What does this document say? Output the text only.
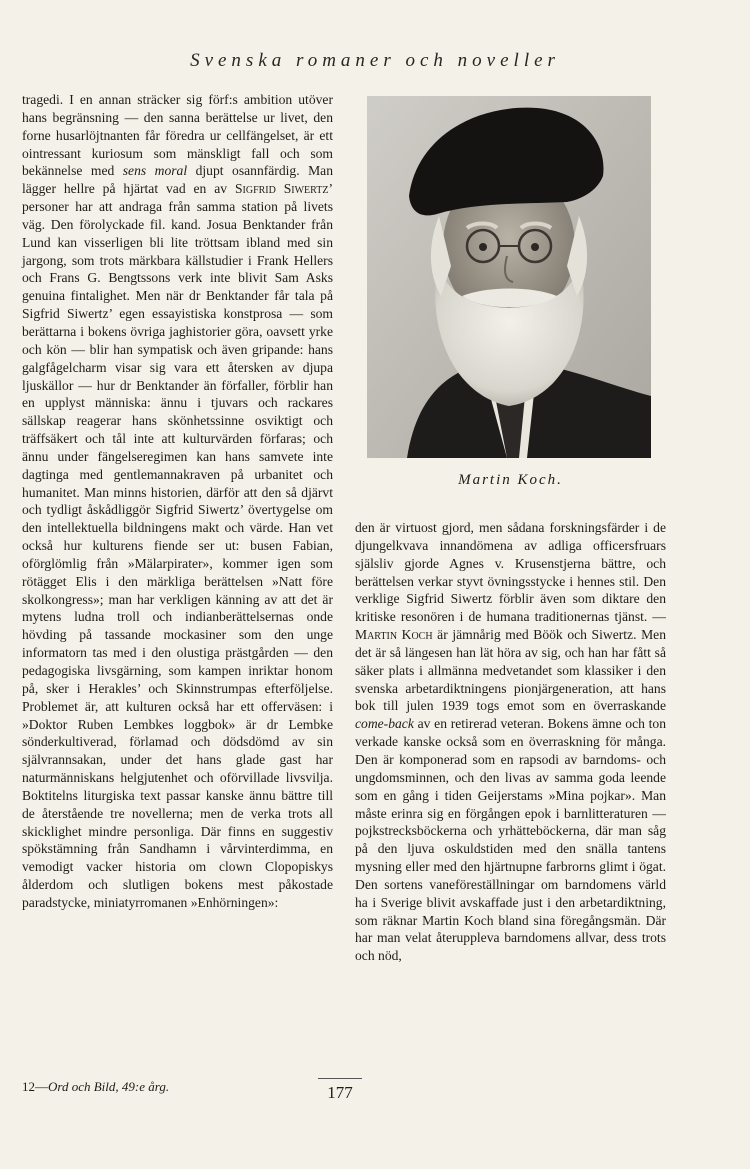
Svenska romaner och noveller

tragedi. I en annan sträcker sig förf:s ambition utöver hans begränsning — den sanna berättelse ur livet, den forne husarlöjtnanten får föredra ur cellfängelset, är ett ointressant kuriosum som mänskligt fall och som bekännelse med sens moral djupt osannfärdig. Man lägger hellre på hjärtat vad en av Sigfrid Siwertz’ personer har att andraga från samma station på livets väg. Den förolyckade fil. kand. Josua Benktander från Lund kan visserligen bli lite tröttsam ibland med sin jargong, som trots märkbara källstudier i Frank Hellers och Frans G. Bengtssons verk inte blivit Sam Asks genuina fintalighet. Men när dr Benktander får tala på Sigfrid Siwertz’ egen essayistiska konstprosa — som berättarna i bokens övriga jaghistorier göra, oavsett yrke och kön — blir han sympatisk och även gripande: hans galgfågelcharm visar sig vara ett återsken av djupa ljuskällor — hur dr Benktander än förfaller, förblir han en upplyst människa: ännu i tjuvars och rackares sällskap reagerar hans skönhetssinne osviktigt och träffsäkert och tål inte att kulturvärden förfaras; och ännu under fängelseregimen kan hans samvete inte dagtinga med gentlemannakraven på urbanitet och humanitet. Man minns historien, därför att den så djärvt och tydligt åskådliggör Sigfrid Siwertz’ övertygelse om den intellektuella bildningens makt och värde. Han vet också hur kulturens fiende ser ut: busen Fabian, oförglömlig från »Mälarpirater», kommer igen som rötägget Elis i den märkliga berättelsen »Natt före skolkongress»; man har verkligen känning av att det är mytens ludna troll och indianberättelsernas onde hövding på tassande mockasiner som den unge informatorn tas med i den olustiga prästgården — den pedagogiska livsgärning, som kampen inriktar honom på, sker i Herakles’ och Skinnstrumpas efterföljelse. Problemet är, att kulturen också har ett offerväsen: i »Doktor Ruben Lembkes loggbok» är dr Lembke sönderkultiverad, förlamad och dödsdömd av sin självrannsakan, under det hans glade gast har naturmänniskans helgjutenhet och oförvillade livsvilja. Boktitelns liturgiska text passar kanske ännu bättre till de återstående tre novellerna; men de verka trots all skicklighet mindre personliga. Där finns en suggestiv spökstämning från Sandhamn i vårvinterdimma, en vemodigt vacker historia om clown Clopopiskys ålderdom och slutligen bokens mest påkostade paradstycke, miniatyrromanen »Enhörningen»:

Martin Koch.

den är virtuost gjord, men sådana forskningsfärder i de djungelkvava innandömena av adliga officersfruars själsliv gjorde Agnes v. Krusenstjerna bättre, och berättelsen verkar styvt övningsstycke i hennes stil. Den verklige Sigfrid Siwertz förblir även som diktare den kritiske resonören i de humana traditionernas tjänst. — Martin Koch är jämnårig med Böök och Siwertz. Men det är så längesen han lät höra av sig, och han har fått så säker plats i allmänna medvetandet som klassiker i den svenska arbetardiktningens pionjärgeneration, att hans bok till julen 1939 togs emot som en överraskande come-back av en retirerad veteran. Bokens ämne och ton verkade kanske också som en överraskning för många. Den är komponerad som en rapsodi av barndoms- och ungdomsminnen, och den livas av samma goda leende som en gång i tiden Geijerstams »Mina pojkar». Man måste erinra sig en förgången epok i barnlitteraturen — pojkstrecksböckerna och yrhätteböckerna, där man såg på den ljuva oskuldstiden med den snälla tantens mysning eller med den hjärtnupne farbrorns glimt i ögat. Den sortens vaneföreställningar om barndomens värld ha i Sverige blivit avskaffade just i den arbetardiktning, som räknar Martin Koch bland sina föregångsmän. Där har man velat återuppleva barndomens allvar, dess trots och nöd,

12—Ord och Bild, 49:e årg.	177
